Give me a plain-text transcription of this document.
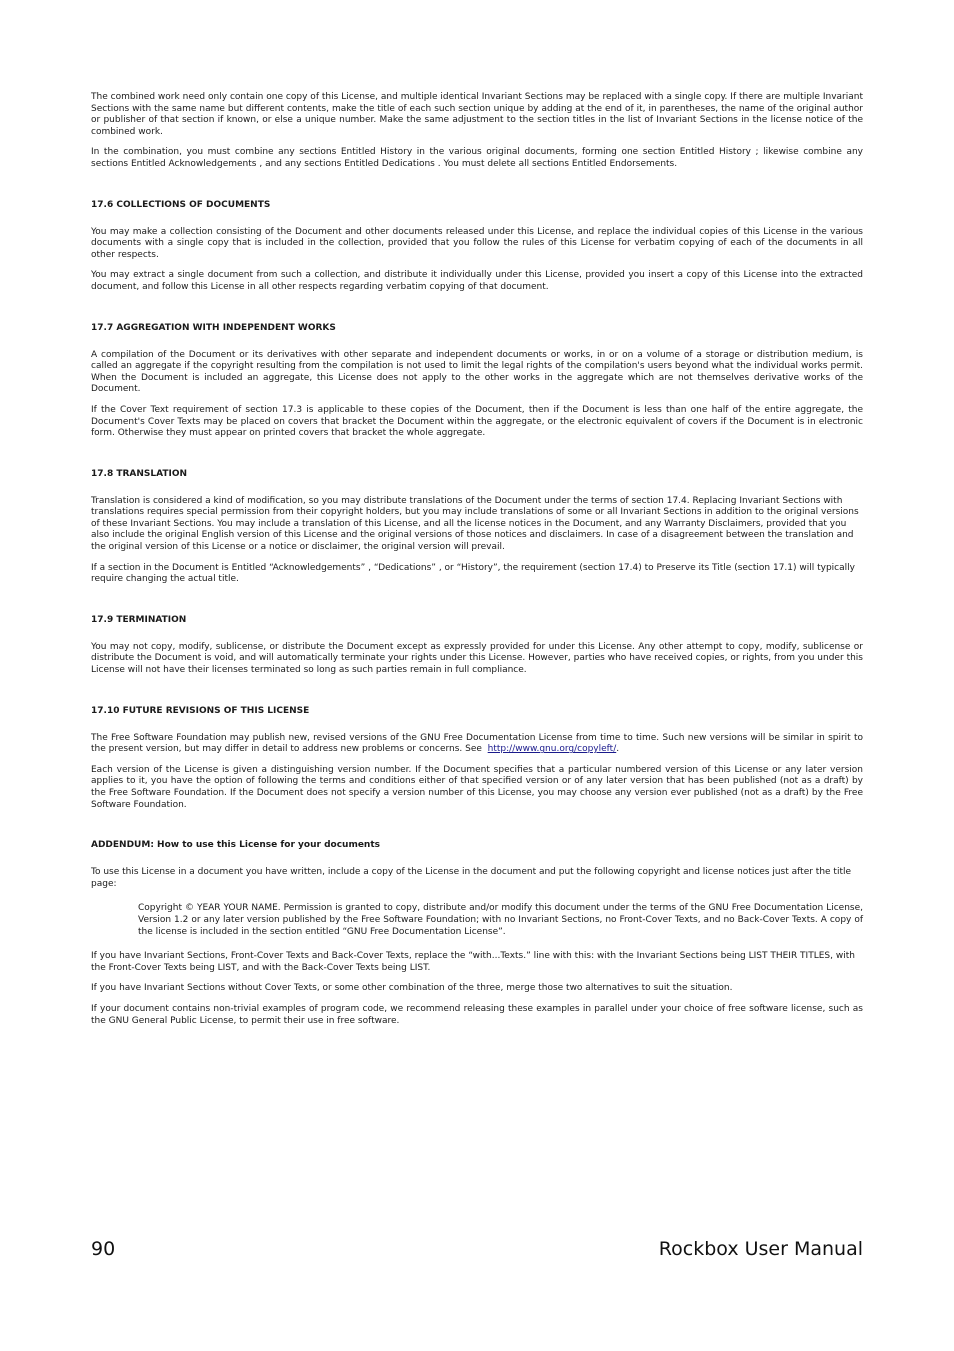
The combined work need only contain one copy of this License, and multiple identical Invariant Sections may be replaced with a single copy. If there are multiple Invariant Sections with the same name but different contents, make the title of each such section unique by adding at the end of it, in parentheses, the name of the original author or publisher of that section if known, or else a unique number. Make the same adjustment to the section titles in the list of Invariant Sections in the license notice of the combined work.

In the combination, you must combine any sections Entitled History in the various original documents, forming one section Entitled History ; likewise combine any sections Entitled Acknowledgements , and any sections Entitled Dedications . You must delete all sections Entitled Endorsements.

17.6 COLLECTIONS OF DOCUMENTS

You may make a collection consisting of the Document and other documents released under this License, and replace the individual copies of this License in the various documents with a single copy that is included in the collection, provided that you follow the rules of this License for verbatim copying of each of the documents in all other respects.

You may extract a single document from such a collection, and distribute it individually under this License, provided you insert a copy of this License into the extracted document, and follow this License in all other respects regarding verbatim copying of that document.

17.7 AGGREGATION WITH INDEPENDENT WORKS

A compilation of the Document or its derivatives with other separate and independent documents or works, in or on a volume of a storage or distribution medium, is called an aggregate if the copyright resulting from the compilation is not used to limit the legal rights of the compilation's users beyond what the individual works permit. When the Document is included an aggregate, this License does not apply to the other works in the aggregate which are not themselves derivative works of the Document.

If the Cover Text requirement of section 17.3 is applicable to these copies of the Document, then if the Document is less than one half of the entire aggregate, the Document's Cover Texts may be placed on covers that bracket the Document within the aggregate, or the electronic equivalent of covers if the Document is in electronic form. Otherwise they must appear on printed covers that bracket the whole aggregate.

17.8 TRANSLATION

Translation is considered a kind of modification, so you may distribute translations of the Document under the terms of section 17.4. Replacing Invariant Sections with translations requires special permission from their copyright holders, but you may include translations of some or all Invariant Sections in addition to the original versions of these Invariant Sections. You may include a translation of this License, and all the license notices in the Document, and any Warranty Disclaimers, provided that you also include the original English version of this License and the original versions of those notices and disclaimers. In case of a disagreement between the translation and the original version of this License or a notice or disclaimer, the original version will prevail.

If a section in the Document is Entitled “Acknowledgements” , “Dedications” , or “History”, the requirement (section 17.4) to Preserve its Title (section 17.1) will typically require changing the actual title.

17.9 TERMINATION

You may not copy, modify, sublicense, or distribute the Document except as expressly provided for under this License. Any other attempt to copy, modify, sublicense or distribute the Document is void, and will automatically terminate your rights under this License. However, parties who have received copies, or rights, from you under this License will not have their licenses terminated so long as such parties remain in full compliance.

17.10 FUTURE REVISIONS OF THIS LICENSE

The Free Software Foundation may publish new, revised versions of the GNU Free Documentation License from time to time. Such new versions will be similar in spirit to the present version, but may differ in detail to address new problems or concerns. See http://www.gnu.org/copyleft/.

Each version of the License is given a distinguishing version number. If the Document specifies that a particular numbered version of this License or any later version applies to it, you have the option of following the terms and conditions either of that specified version or of any later version that has been published (not as a draft) by the Free Software Foundation. If the Document does not specify a version number of this License, you may choose any version ever published (not as a draft) by the Free Software Foundation.

ADDENDUM: How to use this License for your documents

To use this License in a document you have written, include a copy of the License in the document and put the following copyright and license notices just after the title page:

Copyright © YEAR YOUR NAME. Permission is granted to copy, distribute and/or modify this document under the terms of the GNU Free Documentation License, Version 1.2 or any later version published by the Free Software Foundation; with no Invariant Sections, no Front-Cover Texts, and no Back-Cover Texts. A copy of the license is included in the section entitled “GNU Free Documentation License”.

If you have Invariant Sections, Front-Cover Texts and Back-Cover Texts, replace the “with...Texts.” line with this: with the Invariant Sections being LIST THEIR TITLES, with the Front-Cover Texts being LIST, and with the Back-Cover Texts being LIST.

If you have Invariant Sections without Cover Texts, or some other combination of the three, merge those two alternatives to suit the situation.

If your document contains non-trivial examples of program code, we recommend releasing these examples in parallel under your choice of free software license, such as the GNU General Public License, to permit their use in free software.

90	Rockbox User Manual
